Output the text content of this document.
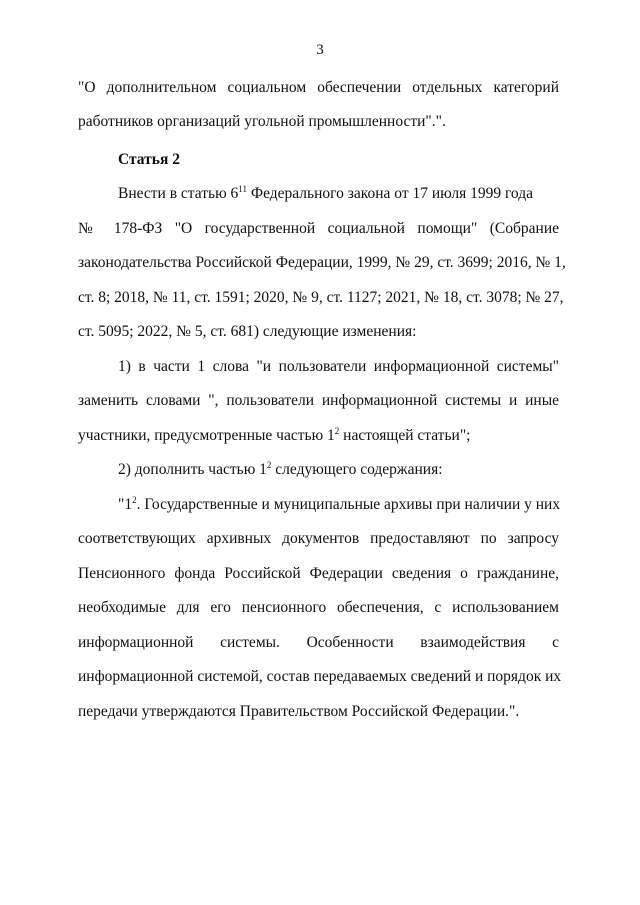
3
"О дополнительном социальном обеспечении отдельных категорий
работников организаций угольной промышленности".".
Статья 2
Внести в статью $6^{11}$ Федерального закона от 17 июля 1999 года
№ 178-ФЗ "О государственной социальной помощи" (Собрание
законодательства Российской Федерации, 1999, № 29, ст. 3699; 2016, № 1,
ст. 8; 2018, № 11, ст. 1591; 2020, № 9, ст. 1127; 2021, № 18, ст. 3078; № 27,
ст. 5095; 2022, № 5, ст. 681) следующие изменения:
1) в части 1 слова "и пользователи информационной системы"
заменить словами ", пользователи информационной системы и иные
участники, предусмотренные частью $1^2$ настоящей статьи";
2) дополнить частью $1^2$ следующего содержания:
"$1^2$. Государственные и муниципальные архивы при наличии у них
соответствующих архивных документов предоставляют по запросу
Пенсионного фонда Российской Федерации сведения о гражданине,
необходимые для его пенсионного обеспечения, с использованием
информационной системы. Особенности взаимодействия с
информационной системой, состав передаваемых сведений и порядок их
передачи утверждаются Правительством Российской Федерации.".
